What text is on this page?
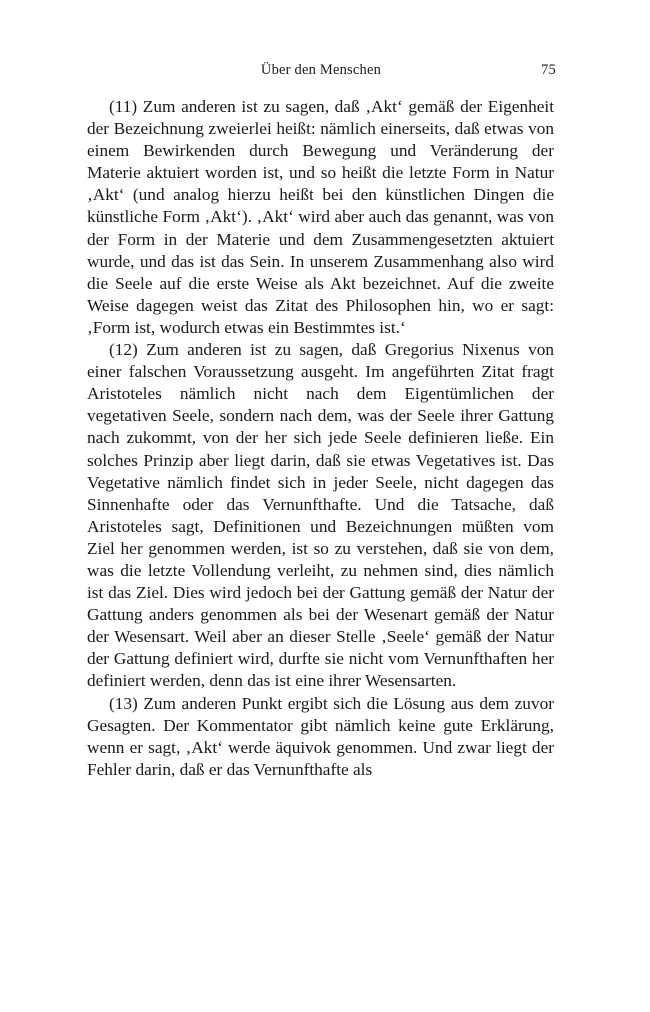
Über den Menschen	75

(11) Zum anderen ist zu sagen, daß ‚Akt‘ gemäß der Eigenheit der Bezeichnung zweierlei heißt: nämlich einerseits, daß etwas von einem Bewirkenden durch Bewegung und Veränderung der Materie aktuiert worden ist, und so heißt die letzte Form in Natur ‚Akt‘ (und analog hierzu heißt bei den künstlichen Dingen die künstliche Form ‚Akt‘). ‚Akt‘ wird aber auch das genannt, was von der Form in der Materie und dem Zusammengesetzten aktuiert wurde, und das ist das Sein. In unserem Zusammenhang also wird die Seele auf die erste Weise als Akt bezeichnet. Auf die zweite Weise dagegen weist das Zitat des Philosophen hin, wo er sagt: ‚Form ist, wodurch etwas ein Bestimmtes ist.‘

(12) Zum anderen ist zu sagen, daß Gregorius Nixenus von einer falschen Voraussetzung ausgeht. Im angeführten Zitat fragt Aristoteles nämlich nicht nach dem Eigentümlichen der vegetativen Seele, sondern nach dem, was der Seele ihrer Gattung nach zukommt, von der her sich jede Seele definieren ließe. Ein solches Prinzip aber liegt darin, daß sie etwas Vegetatives ist. Das Vegetative nämlich findet sich in jeder Seele, nicht dagegen das Sinnenhafte oder das Vernunfthafte. Und die Tatsache, daß Aristoteles sagt, Definitionen und Bezeichnungen müßten vom Ziel her genommen werden, ist so zu verstehen, daß sie von dem, was die letzte Vollendung verleiht, zu nehmen sind, dies nämlich ist das Ziel. Dies wird jedoch bei der Gattung gemäß der Natur der Gattung anders genommen als bei der Wesenart gemäß der Natur der Wesensart. Weil aber an dieser Stelle ‚Seele‘ gemäß der Natur der Gattung definiert wird, durfte sie nicht vom Vernunfthaften her definiert werden, denn das ist eine ihrer Wesensarten.

(13) Zum anderen Punkt ergibt sich die Lösung aus dem zuvor Gesagten. Der Kommentator gibt nämlich keine gute Erklärung, wenn er sagt, ‚Akt‘ werde äquivok genommen. Und zwar liegt der Fehler darin, daß er das Vernunfthafte als
